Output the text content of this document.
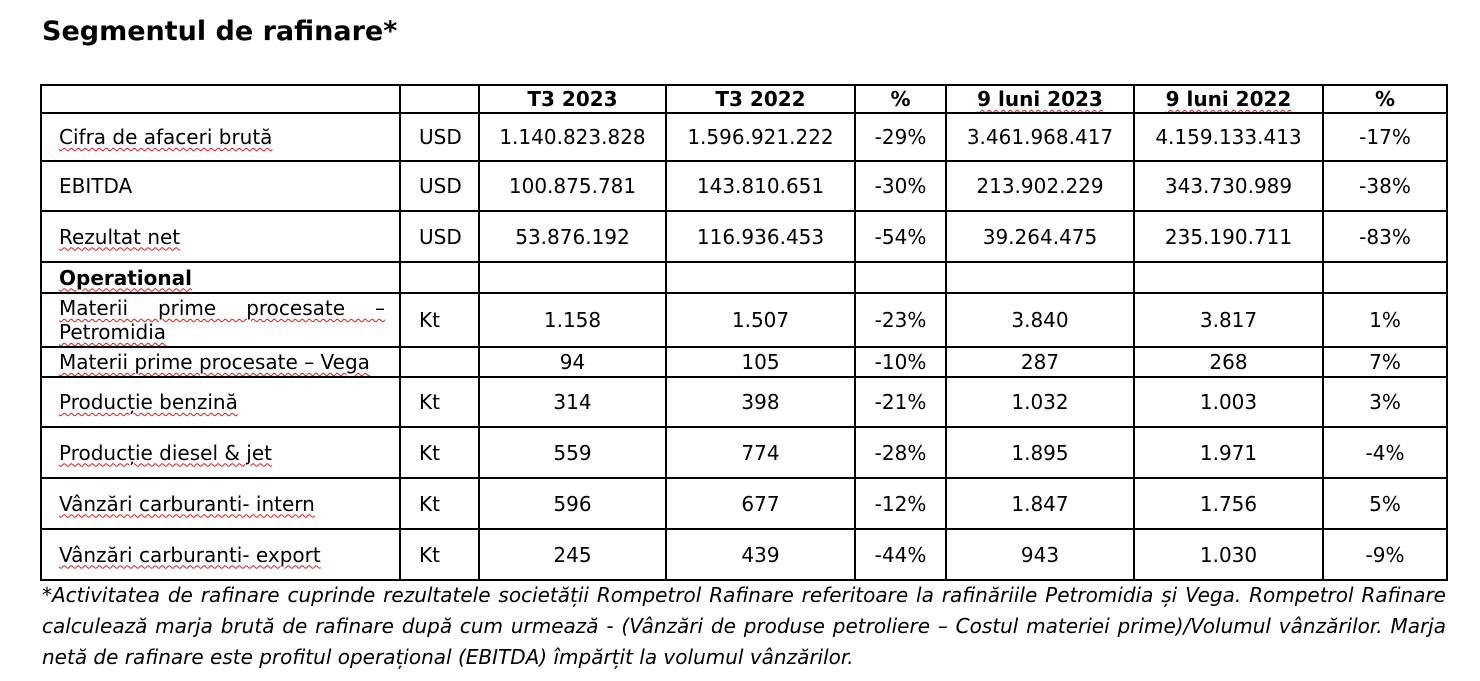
Segmentul de rafinare*
		T3 2023	T3 2022	%	9 luni 2023	9 luni 2022	%
Cifra de afaceri brută	USD	1.140.823.828	1.596.921.222	-29%	3.461.968.417	4.159.133.413	-17%
EBITDA	USD	100.875.781	143.810.651	-30%	213.902.229	343.730.989	-38%
Rezultat net	USD	53.876.192	116.936.453	-54%	39.264.475	235.190.711	-83%
Operational							

Materii prime procesate – Petromidia	Kt	1.158	1.507	-23%	3.840	3.817	1%
Materii prime procesate – Vega		94	105	-10%	287	268	7%
Producție benzină	Kt	314	398	-21%	1.032	1.003	3%
Producție diesel & jet	Kt	559	774	-28%	1.895	1.971	-4%
Vânzări carburanti- intern	Kt	596	677	-12%	1.847	1.756	5%
Vânzări carburanti- export	Kt	245	439	-44%	943	1.030	-9%

*Activitatea de rafinare cuprinde rezultatele societății Rompetrol Rafinare referitoare la rafinăriile Petromidia și Vega. Rompetrol Rafinare calculează marja brută de rafinare după cum urmează - (Vânzări de produse petroliere – Costul materiei prime)/Volumul vânzărilor. Marja netă de rafinare este profitul operațional (EBITDA) împărțit la volumul vânzărilor.
